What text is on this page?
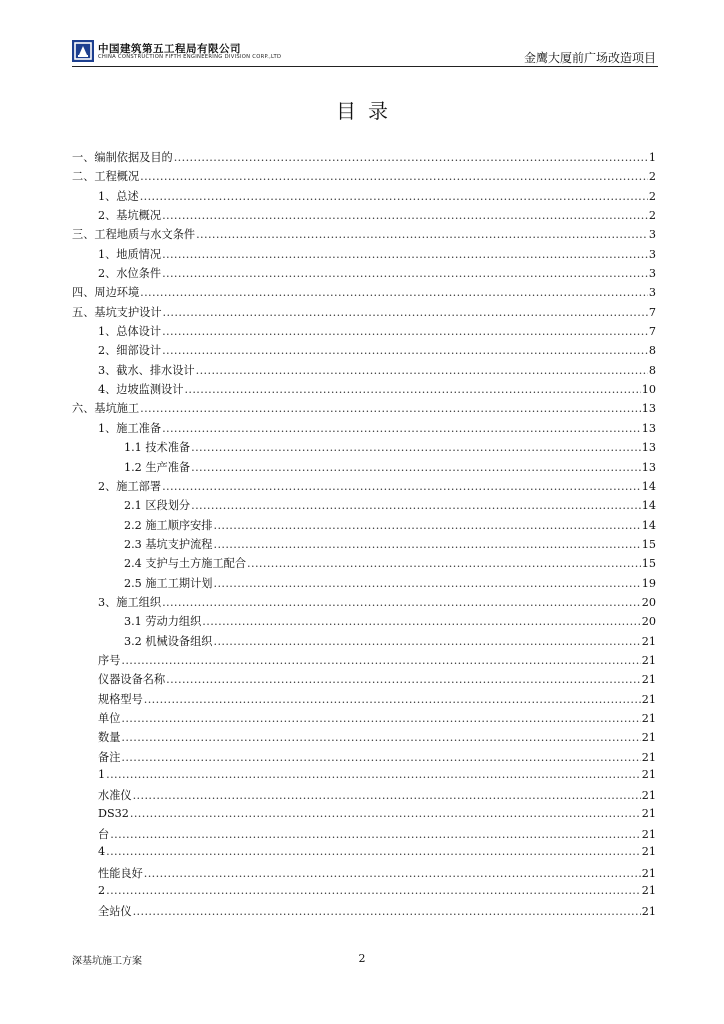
中国建筑第五工程局有限公司
CHINA CONSTRUCTION FIFTH ENGINEERING DIVISION CORP.,LTD	金鹰大厦前广场改造项目
目录
一、编制依据及目的 .....	1
二、工程概况 .....	2
1、总述 .....	2
2、基坑概况 .....	2
三、工程地质与水文条件 .....	3
1、地质情况 .....	3
2、水位条件 .....	3
四、周边环境 .....	3
五、基坑支护设计 .....	7
1、总体设计 .....	7
2、细部设计 .....	8
3、截水、排水设计 .....	8
4、边坡监测设计 .....	10
六、基坑施工 .....	13
1、施工准备 .....	13
1.1 技术准备 .....	13
1.2 生产准备 .....	13
2、施工部署 .....	14
2.1 区段划分 .....	14
2.2 施工顺序安排 .....	14
2.3 基坑支护流程 .....	15
2.4 支护与土方施工配合 .....	15
2.5 施工工期计划 .....	19
3、施工组织 .....	20
3.1 劳动力组织 .....	20
3.2 机械设备组织 .....	21
序号 .....	21
仪器设备名称 .....	21
规格型号 .....	21
单位 .....	21
数量 .....	21
备注 .....	21
1 .....	21
水准仪 .....	21
DS32 .....	21
台 .....	21
4 .....	21
性能良好 .....	21
2 .....	21
全站仪 .....	21
深基坑施工方案	2
